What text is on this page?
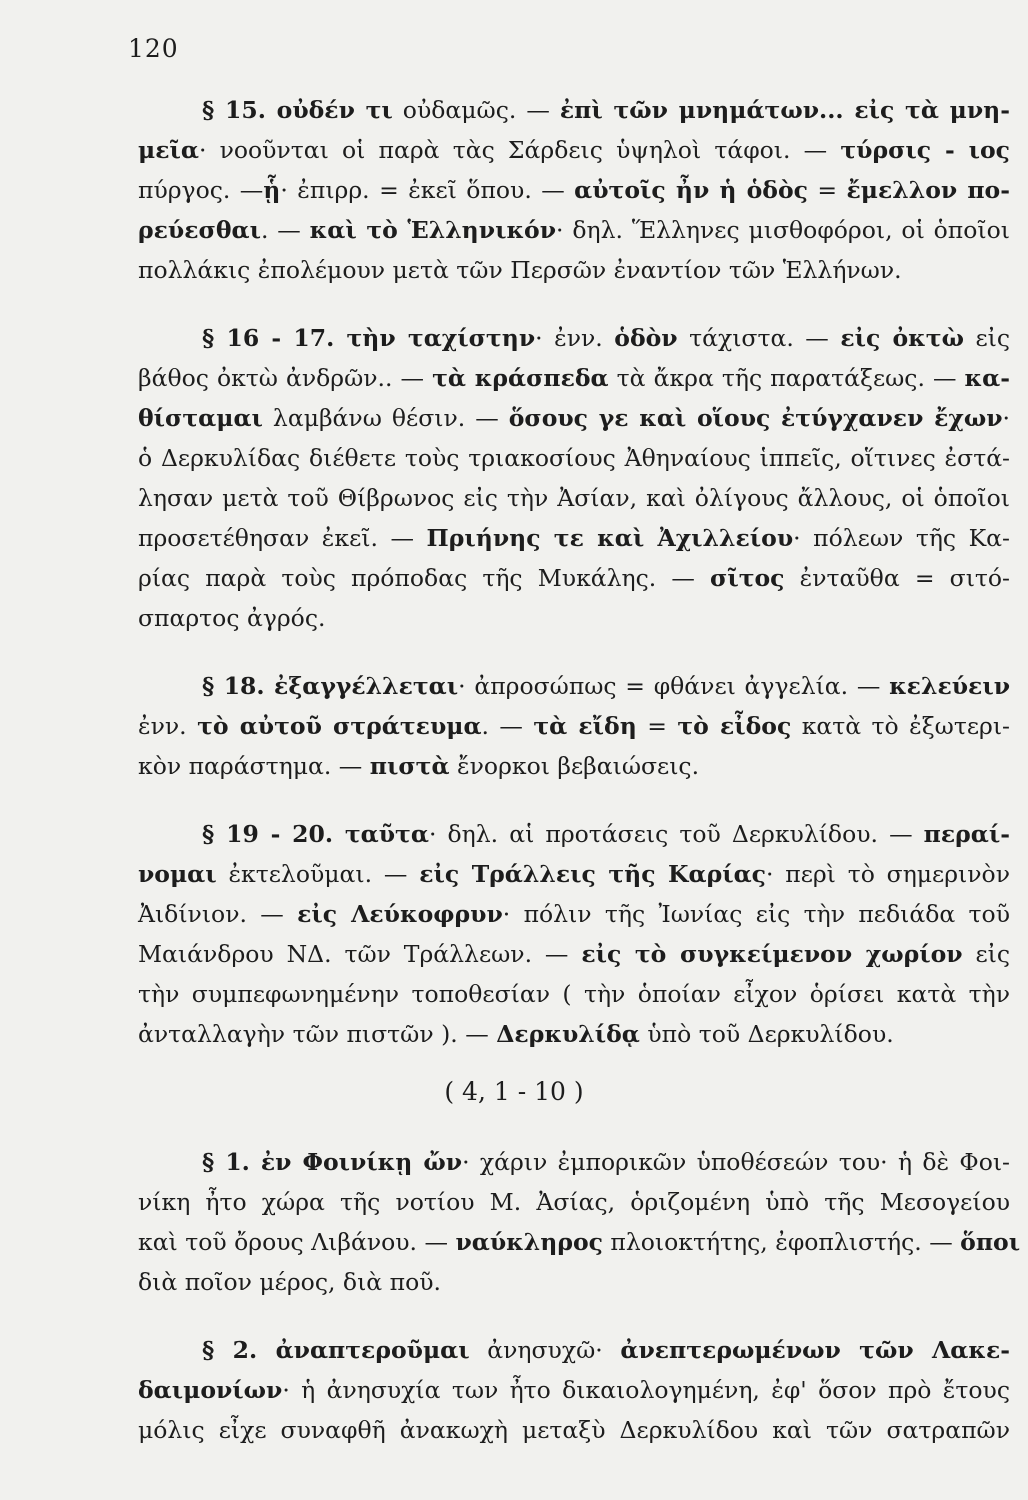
120
§ 15. οὐδέν τι οὐδαμῶς. — ἐπὶ τῶν μνημάτων... εἰς τὰ μνη-
μεῖα· νοοῦνται οἱ παρὰ τὰς Σάρδεις ὑψηλοὶ τάφοι. — τύρσις - ιος
πύργος. —ᾗ· ἐπιρρ. = ἐκεῖ ὅπου. — αὐτοῖς ἦν ἡ ὁδὸς = ἔμελλον πο-
ρεύεσθαι. — καὶ τὸ Ἑλληνικόν· δηλ. Ἕλληνες μισθοφόροι, οἱ ὁποῖοι
πολλάκις ἐπολέμουν μετὰ τῶν Περσῶν ἐναντίον τῶν Ἑλλήνων.
§ 16 - 17. τὴν ταχίστην· ἐνν. ὁδὸν τάχιστα. — εἰς ὀκτὼ εἰς
βάθος ὀκτὼ ἀνδρῶν.. — τὰ κράσπεδα τὰ ἄκρα τῆς παρατάξεως. — κα-
θίσταμαι λαμβάνω θέσιν. — ὅσους γε καὶ οἵους ἐτύγχανεν ἔχων·
ὁ Δερκυλίδας διέθετε τοὺς τριακοσίους Ἀθηναίους ἱππεῖς, οἵτινες ἐστά-
λησαν μετὰ τοῦ Θίβρωνος εἰς τὴν Ἀσίαν, καὶ ὀλίγους ἄλλους, οἱ ὁποῖοι
προσετέθησαν ἐκεῖ. — Πριήνης τε καὶ Ἀχιλλείου· πόλεων τῆς Κα-
ρίας παρὰ τοὺς πρόποδας τῆς Μυκάλης. — σῖτος ἐνταῦθα = σιτό-
σπαρτος ἀγρός.
§ 18. ἐξαγγέλλεται· ἀπροσώπως = φθάνει ἀγγελία. — κελεύειν
ἐνν. τὸ αὐτοῦ στράτευμα. — τὰ εἴδη = τὸ εἶδος κατὰ τὸ ἐξωτερι-
κὸν παράστημα. — πιστὰ ἔνορκοι βεβαιώσεις.
§ 19 - 20. ταῦτα· δηλ. αἱ προτάσεις τοῦ Δερκυλίδου. — περαί-
νομαι ἐκτελοῦμαι. — εἰς Τράλλεις τῆς Καρίας· περὶ τὸ σημερινὸν
Ἀιδίνιον. — εἰς Λεύκοφρυν· πόλιν τῆς Ἰωνίας εἰς τὴν πεδιάδα τοῦ
Μαιάνδρου ΝΔ. τῶν Τράλλεων. — εἰς τὸ συγκείμενον χωρίον εἰς
τὴν συμπεφωνημένην τοποθεσίαν ( τὴν ὁποίαν εἶχον ὁρίσει κατὰ τὴν
ἀνταλλαγὴν τῶν πιστῶν ). — Δερκυλίδᾳ ὑπὸ τοῦ Δερκυλίδου.
( 4, 1 - 10 )
§ 1. ἐν Φοινίκῃ ὤν· χάριν ἐμπορικῶν ὑποθέσεών του· ἡ δὲ Φοι-
νίκη ἦτο χώρα τῆς νοτίου Μ. Ἀσίας, ὁριζομένη ὑπὸ τῆς Μεσογείου
καὶ τοῦ ὄρους Λιβάνου. — ναύκληρος πλοιοκτήτης, ἐφοπλιστής. — ὅποι
διὰ ποῖον μέρος, διὰ ποῦ.
§ 2. ἀναπτεροῦμαι ἀνησυχῶ· ἀνεπτερωμένων τῶν Λακε-
δαιμονίων· ἡ ἀνησυχία των ἦτο δικαιολογημένη, ἐφ' ὅσον πρὸ ἔτους
μόλις εἶχε συναφθῆ ἀνακωχὴ μεταξὺ Δερκυλίδου καὶ τῶν σατραπῶν
